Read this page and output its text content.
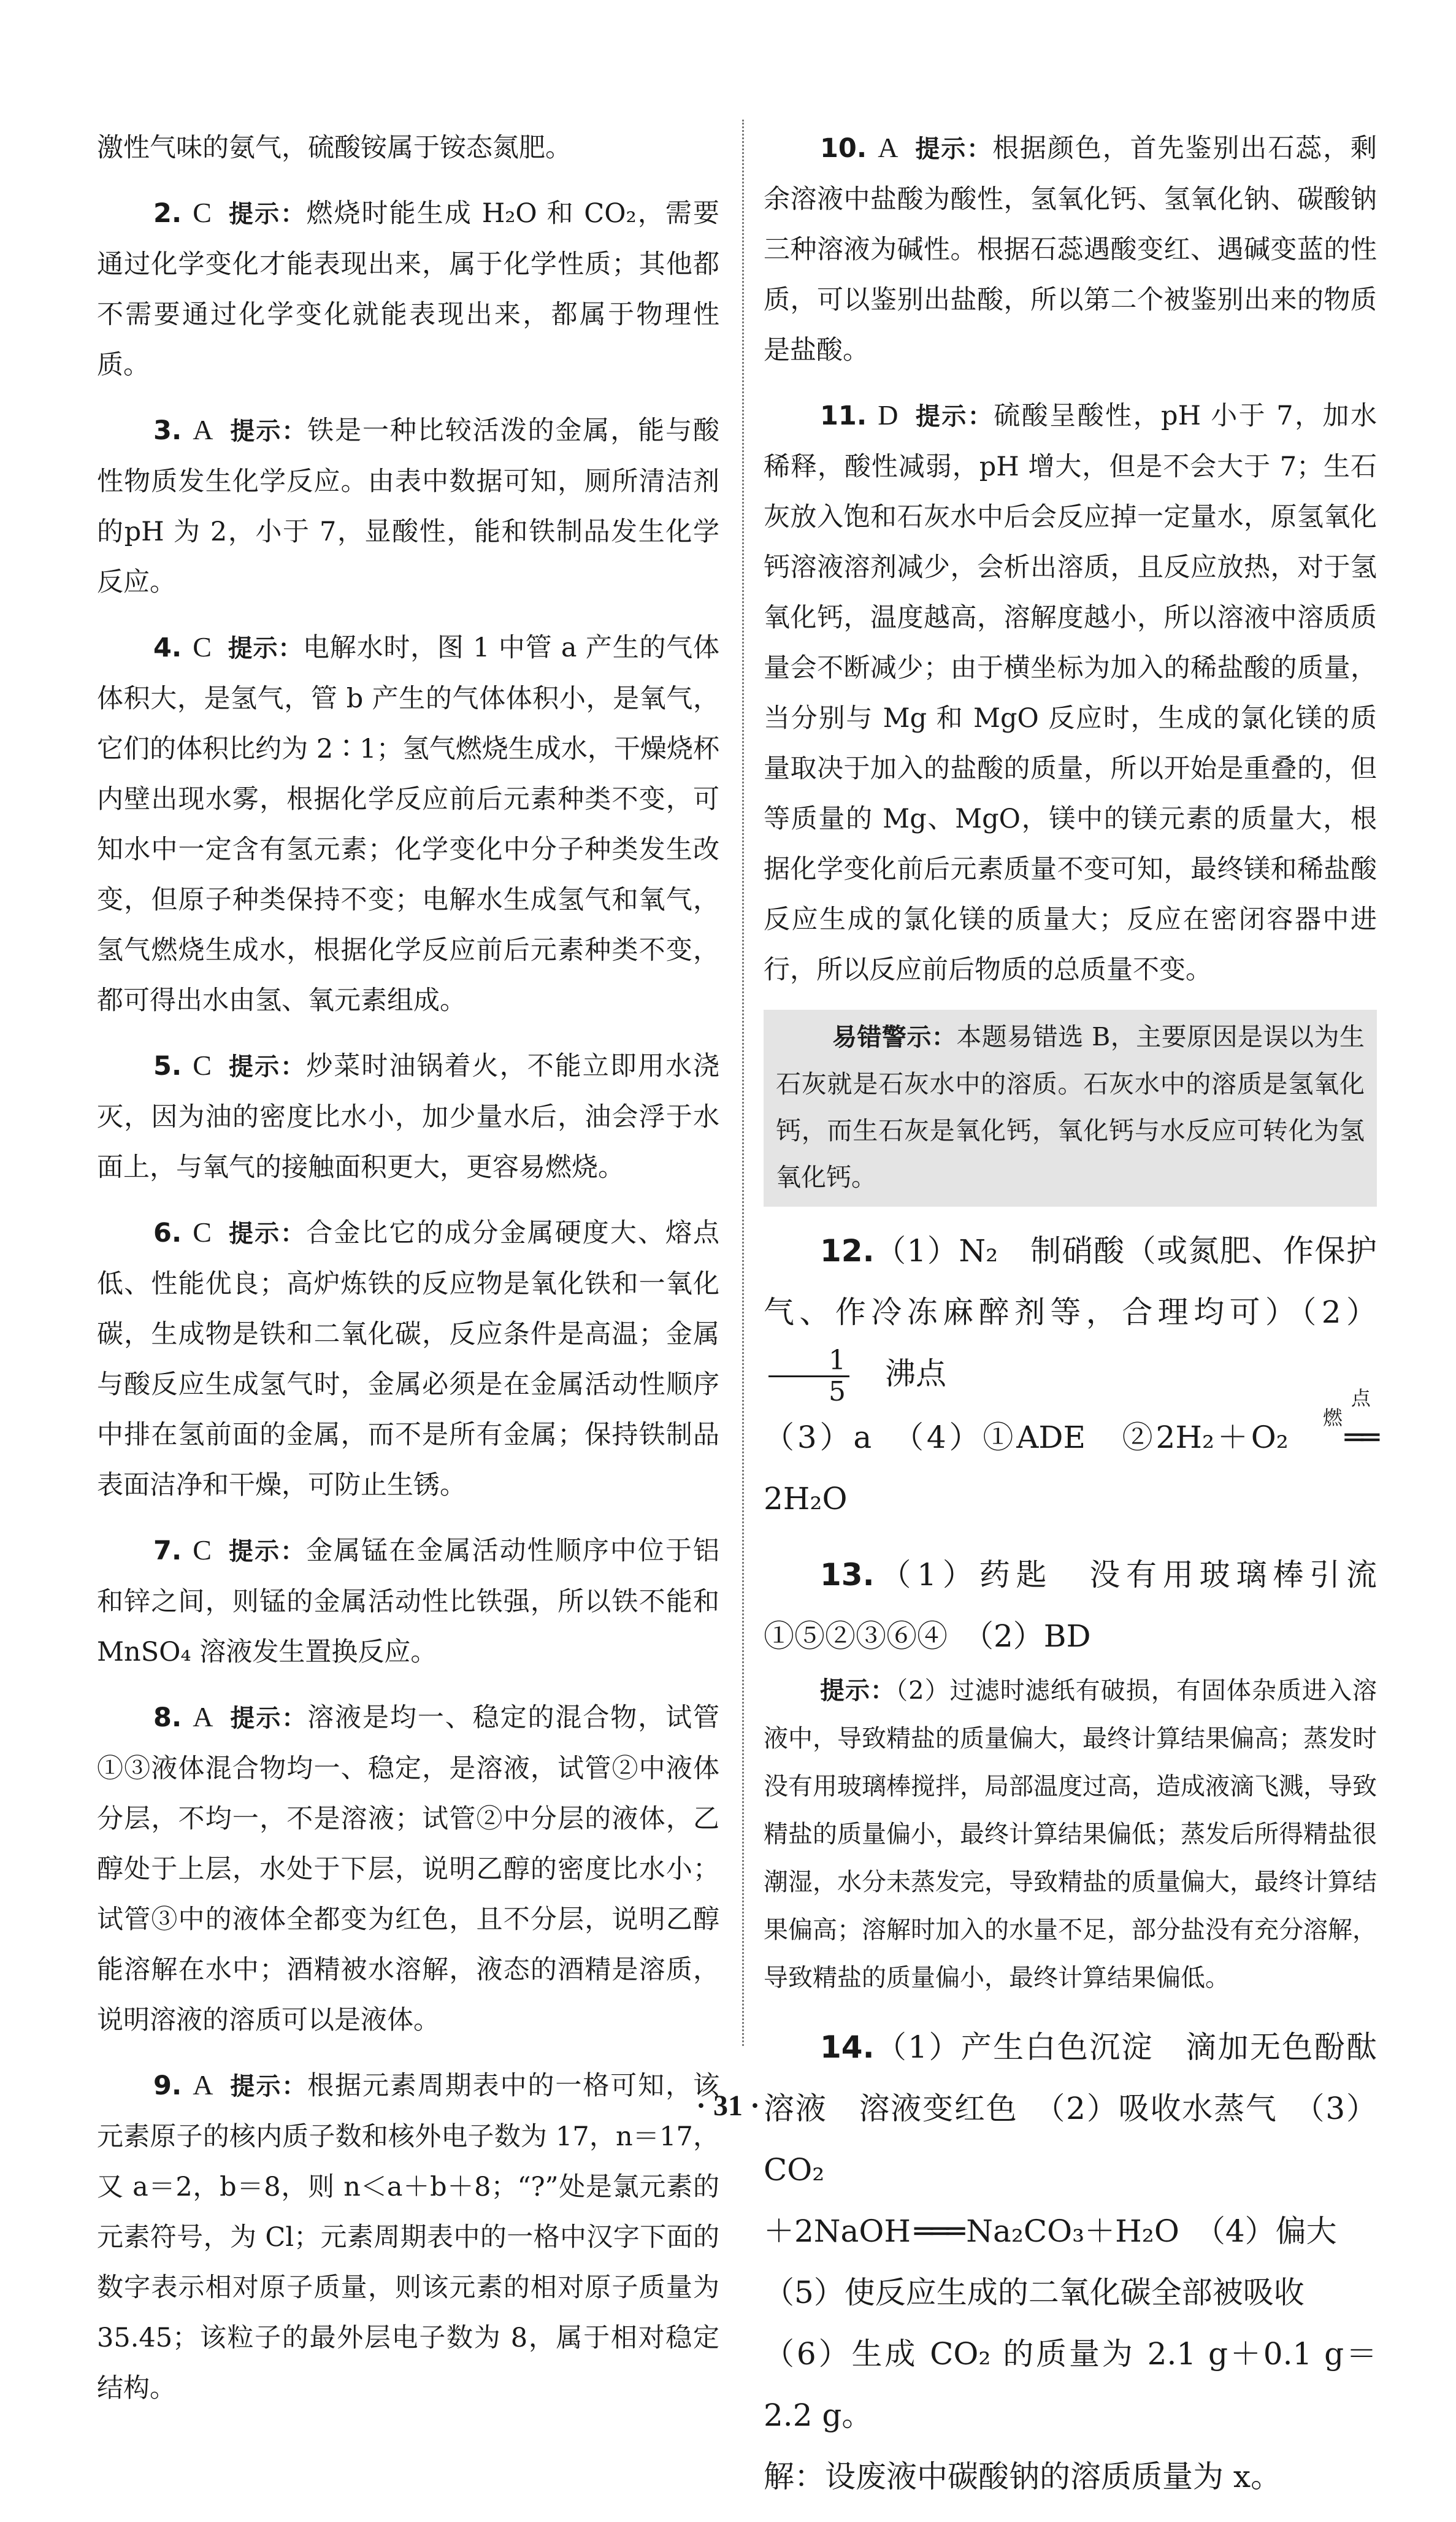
激性气味的氨气，硫酸铵属于铵态氮肥。

2. C 提示：燃烧时能生成 H₂O 和 CO₂，需要通过化学变化才能表现出来，属于化学性质；其他都不需要通过化学变化就能表现出来，都属于物理性质。

3. A 提示：铁是一种比较活泼的金属，能与酸性物质发生化学反应。由表中数据可知，厕所清洁剂的pH 为 2，小于 7，显酸性，能和铁制品发生化学反应。

4. C 提示：电解水时，图 1 中管 a 产生的气体体积大，是氢气，管 b 产生的气体体积小，是氧气，它们的体积比约为 2∶1；氢气燃烧生成水，干燥烧杯内壁出现水雾，根据化学反应前后元素种类不变，可知水中一定含有氢元素；化学变化中分子种类发生改变，但原子种类保持不变；电解水生成氢气和氧气，氢气燃烧生成水，根据化学反应前后元素种类不变，都可得出水由氢、氧元素组成。

5. C 提示：炒菜时油锅着火，不能立即用水浇灭，因为油的密度比水小，加少量水后，油会浮于水面上，与氧气的接触面积更大，更容易燃烧。

6. C 提示：合金比它的成分金属硬度大、熔点低、性能优良；高炉炼铁的反应物是氧化铁和一氧化碳，生成物是铁和二氧化碳，反应条件是高温；金属与酸反应生成氢气时，金属必须是在金属活动性顺序中排在氢前面的金属，而不是所有金属；保持铁制品表面洁净和干燥，可防止生锈。

7. C 提示：金属锰在金属活动性顺序中位于铝和锌之间，则锰的金属活动性比铁强，所以铁不能和MnSO₄ 溶液发生置换反应。

8. A 提示：溶液是均一、稳定的混合物，试管①③液体混合物均一、稳定，是溶液，试管②中液体分层，不均一，不是溶液；试管②中分层的液体，乙醇处于上层，水处于下层，说明乙醇的密度比水小；试管③中的液体全都变为红色，且不分层，说明乙醇能溶解在水中；酒精被水溶解，液态的酒精是溶质，说明溶液的溶质可以是液体。

9. A 提示：根据元素周期表中的一格可知，该元素原子的核内质子数和核外电子数为 17，n＝17，又 a＝2，b＝8，则 n＜a＋b＋8；“?”处是氯元素的元素符号，为 Cl；元素周期表中的一格中汉字下面的数字表示相对原子质量，则该元素的相对原子质量为 35.45；该粒子的最外层电子数为 8，属于相对稳定结构。

10. A 提示：根据颜色，首先鉴别出石蕊，剩余溶液中盐酸为酸性，氢氧化钙、氢氧化钠、碳酸钠三种溶液为碱性。根据石蕊遇酸变红、遇碱变蓝的性质，可以鉴别出盐酸，所以第二个被鉴别出来的物质是盐酸。

11. D 提示：硫酸呈酸性，pH 小于 7，加水稀释，酸性减弱，pH 增大，但是不会大于 7；生石灰放入饱和石灰水中后会反应掉一定量水，原氢氧化钙溶液溶剂减少，会析出溶质，且反应放热，对于氢氧化钙，温度越高，溶解度越小，所以溶液中溶质质量会不断减少；由于横坐标为加入的稀盐酸的质量，当分别与 Mg 和 MgO 反应时，生成的氯化镁的质量取决于加入的盐酸的质量，所以开始是重叠的，但等质量的 Mg、MgO，镁中的镁元素的质量大，根据化学变化前后元素质量不变可知，最终镁和稀盐酸反应生成的氯化镁的质量大；反应在密闭容器中进行，所以反应前后物质的总质量不变。

易错警示：本题易错选 B，主要原因是误以为生石灰就是石灰水中的溶质。石灰水中的溶质是氢氧化钙，而生石灰是氧化钙，氧化钙与水反应可转化为氢氧化钙。

12.（1）N₂　制硝酸（或氮肥、作保护气、作冷冻麻醉剂等，合理均可）（2）
$\frac{1}{5}$ 　沸点
（3）a　（4）①ADE　②2H₂＋O₂
点燃
══2H₂O

13.（1）药匙　没有用玻璃棒引流　①⑤②③⑥④　（2）BD

提示：（2）过滤时滤纸有破损，有固体杂质进入溶液中，导致精盐的质量偏大，最终计算结果偏高；蒸发时没有用玻璃棒搅拌，局部温度过高，造成液滴飞溅，导致精盐的质量偏小，最终计算结果偏低；蒸发后所得精盐很潮湿，水分未蒸发完，导致精盐的质量偏大，最终计算结果偏高；溶解时加入的水量不足，部分盐没有充分溶解，导致精盐的质量偏小，最终计算结果偏低。

14.（1）产生白色沉淀　滴加无色酚酞溶液　溶液变红色　（2）吸收水蒸气　（3）CO₂
＋2NaOH ═══ Na₂CO₃＋H₂O　（4）偏大

（5）使反应生成的二氧化碳全部被吸收

（6）生成 CO₂ 的质量为 2.1 g＋0.1 g＝2.2 g。

解：设废液中碳酸钠的溶质质量为 x。

· 31 ·
